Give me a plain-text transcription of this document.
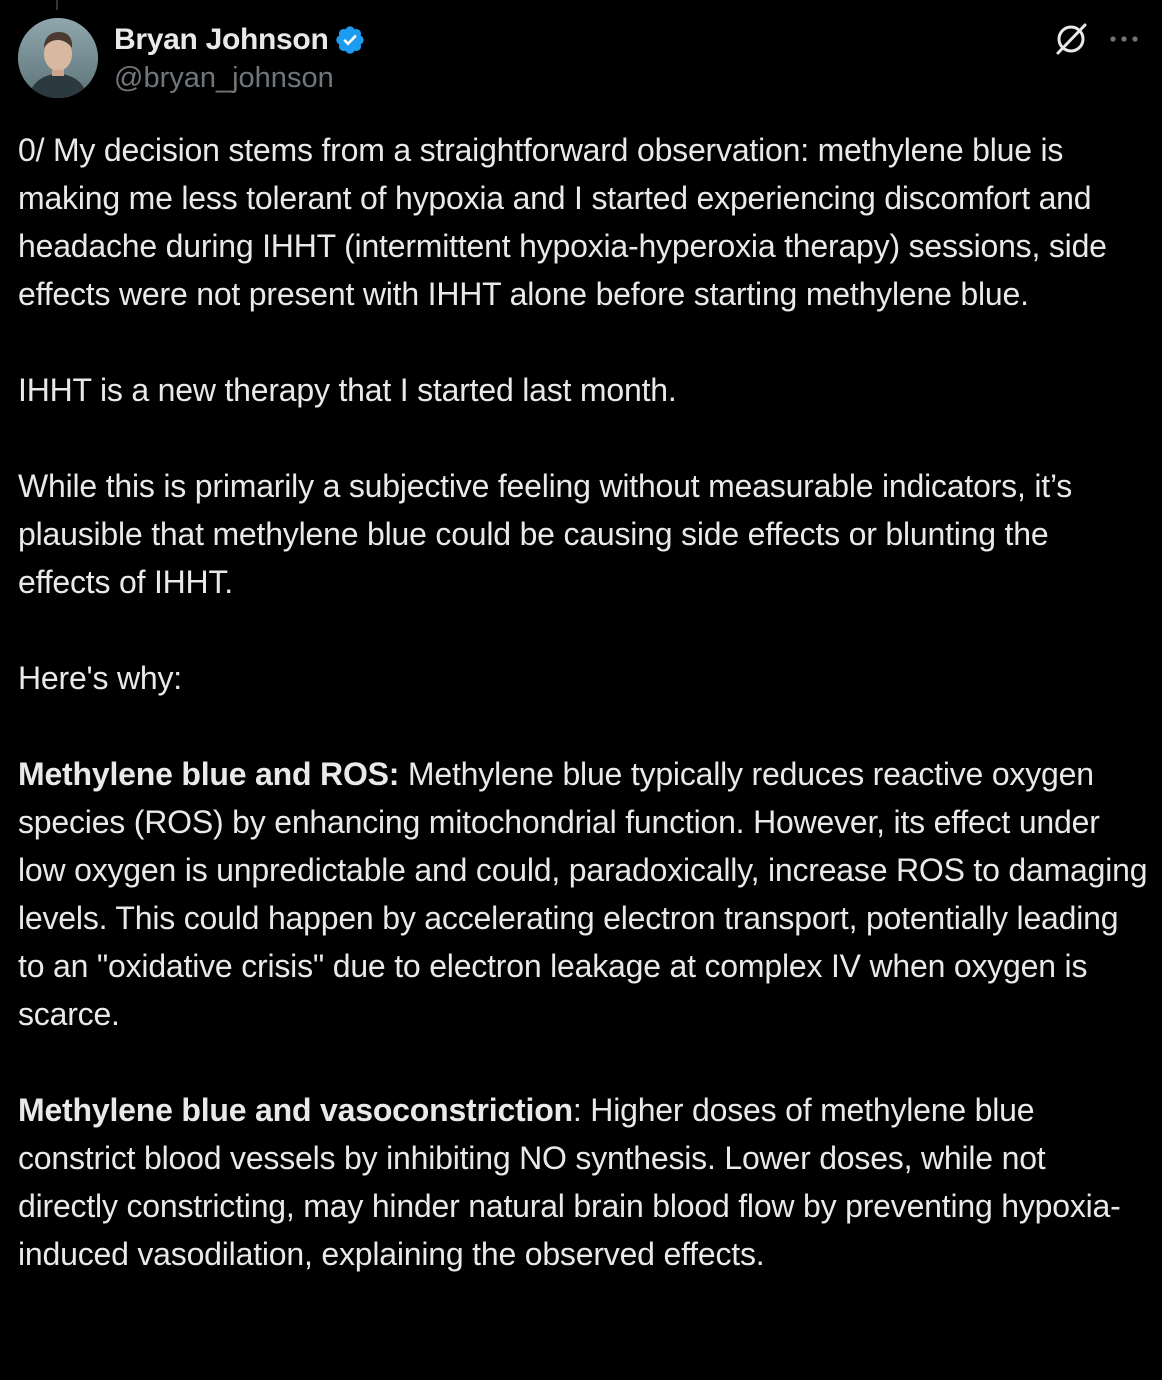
Bryan Johnson
@bryan_johnson

0/ My decision stems from a straightforward observation: methylene blue is making me less tolerant of hypoxia and I started experiencing discomfort and headache during IHHT (intermittent hypoxia-hyperoxia therapy) sessions, side effects were not present with IHHT alone before starting methylene blue.

IHHT is a new therapy that I started last month.

While this is primarily a subjective feeling without measurable indicators, it’s plausible that methylene blue could be causing side effects or blunting the effects of IHHT.

Here's why:

Methylene blue and ROS: Methylene blue typically reduces reactive oxygen species (ROS) by enhancing mitochondrial function. However, its effect under low oxygen is unpredictable and could, paradoxically, increase ROS to damaging levels. This could happen by accelerating electron transport, potentially leading to an "oxidative crisis" due to electron leakage at complex IV when oxygen is scarce.

Methylene blue and vasoconstriction: Higher doses of methylene blue constrict blood vessels by inhibiting NO synthesis. Lower doses, while not directly constricting, may hinder natural brain blood flow by preventing hypoxia-induced vasodilation, explaining the observed effects.
